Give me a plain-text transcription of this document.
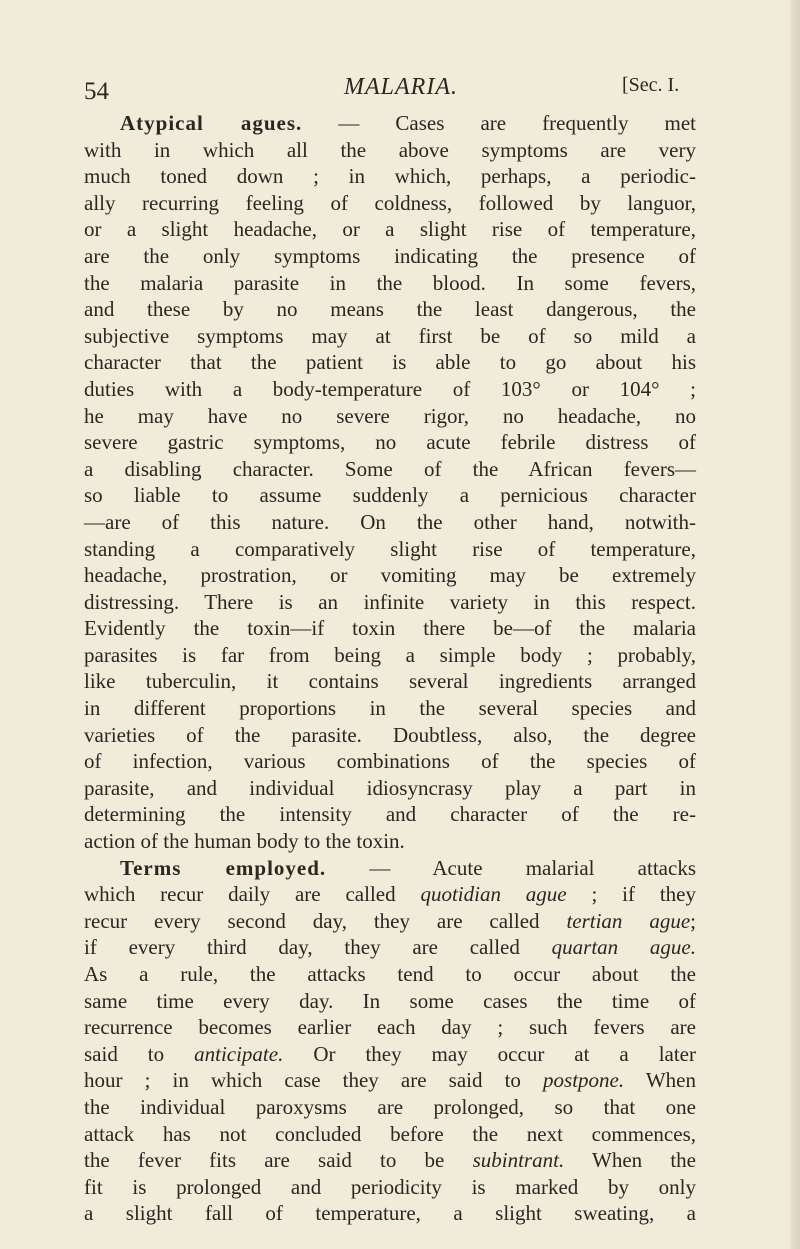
54	MALARIA.	[Sec. I.
Atypical agues. — Cases are frequently met
with in which all the above symptoms are very
much toned down ; in which, perhaps, a periodic-
ally recurring feeling of coldness, followed by languor,
or a slight headache, or a slight rise of temperature,
are the only symptoms indicating the presence of
the malaria parasite in the blood. In some fevers,
and these by no means the least dangerous, the
subjective symptoms may at first be of so mild a
character that the patient is able to go about his
duties with a body-temperature of 103° or 104° ;
he may have no severe rigor, no headache, no
severe gastric symptoms, no acute febrile distress of
a disabling character. Some of the African fevers—
so liable to assume suddenly a pernicious character
—are of this nature. On the other hand, notwith-
standing a comparatively slight rise of temperature,
headache, prostration, or vomiting may be extremely
distressing. There is an infinite variety in this respect.
Evidently the toxin—if toxin there be—of the malaria
parasites is far from being a simple body ; probably,
like tuberculin, it contains several ingredients arranged
in different proportions in the several species and
varieties of the parasite. Doubtless, also, the degree
of infection, various combinations of the species of
parasite, and individual idiosyncrasy play a part in
determining the intensity and character of the re-
action of the human body to the toxin.
Terms employed. — Acute malarial attacks
which recur daily are called quotidian ague ; if they
recur every second day, they are called tertian ague;
if every third day, they are called quartan ague.
As a rule, the attacks tend to occur about the
same time every day. In some cases the time of
recurrence becomes earlier each day ; such fevers are
said to anticipate. Or they may occur at a later
hour ; in which case they are said to postpone. When
the individual paroxysms are prolonged, so that one
attack has not concluded before the next commences,
the fever fits are said to be subintrant. When the
fit is prolonged and periodicity is marked by only
a slight fall of temperature, a slight sweating, a
